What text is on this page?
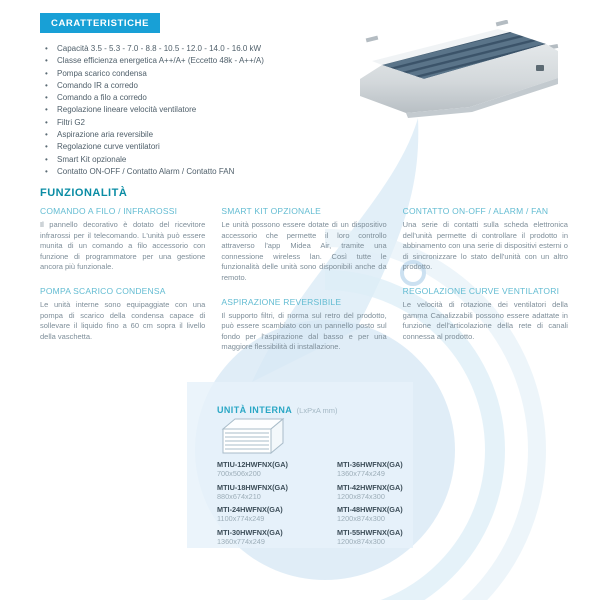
CARATTERISTICHE
• Capacità 3.5 - 5.3 - 7.0 - 8.8 - 10.5 - 12.0 - 14.0 - 16.0 kW
• Classe efficienza energetica A++/A+ (Eccetto 48k - A++/A)
• Pompa scarico condensa
• Comando IR a corredo
• Comando a filo a corredo
• Regolazione lineare velocità ventilatore
• Filtri G2
• Aspirazione aria reversibile
• Regolazione curve ventilatori
• Smart Kit opzionale
• Contatto ON-OFF / Contatto Alarm / Contatto FAN
FUNZIONALITÀ
COMANDO A FILO / INFRAROSSI
Il pannello decorativo è dotato del ricevitore infrarossi per il telecomando. L'unità può essere munita di un comando a filo accessorio con funzione di programmatore per una gestione ancora più funzionale.
POMPA SCARICO CONDENSA
Le unità interne sono equipaggiate con una pompa di scarico della condensa capace di sollevare il liquido fino a 60 cm sopra il livello della vaschetta.
SMART KIT OPZIONALE
Le unità possono essere dotate di un dispositivo accessorio che permette il loro controllo attraverso l'app Midea Air, tramite una connessione wireless lan. Così tutte le funzionalità delle unità sono disponibili anche da remoto.
ASPIRAZIONE REVERSIBILE
Il supporto filtri, di norma sul retro del prodotto, può essere scambiato con un pannello posto sul fondo per l'aspirazione dal basso e per una maggiore flessibilità di installazione.
CONTATTO ON-OFF / ALARM / FAN
Una serie di contatti sulla scheda elettronica dell'unità permette di controllare il prodotto in abbinamento con una serie di dispositivi esterni o di sincronizzare lo stato dell'unità con un altro prodotto.
REGOLAZIONE CURVE VENTILATORI
Le velocità di rotazione dei ventilatori della gamma Canalizzabili possono essere adattate in funzione dell'articolazione della rete di canali connessa al prodotto.
UNITÀ INTERNA (LxPxA mm)
MTIU-12HWFNX(GA)
700x506x200
MTIU-18HWFNX(GA)
880x674x210
MTI-24HWFNX(GA)
1100x774x249
MTI-30HWFNX(GA)
1360x774x249
MTI-36HWFNX(GA)
1360x774x249
MTI-42HWFNX(GA)
1200x874x300
MTI-48HWFNX(GA)
1200x874x300
MTI-55HWFNX(GA)
1200x874x300
